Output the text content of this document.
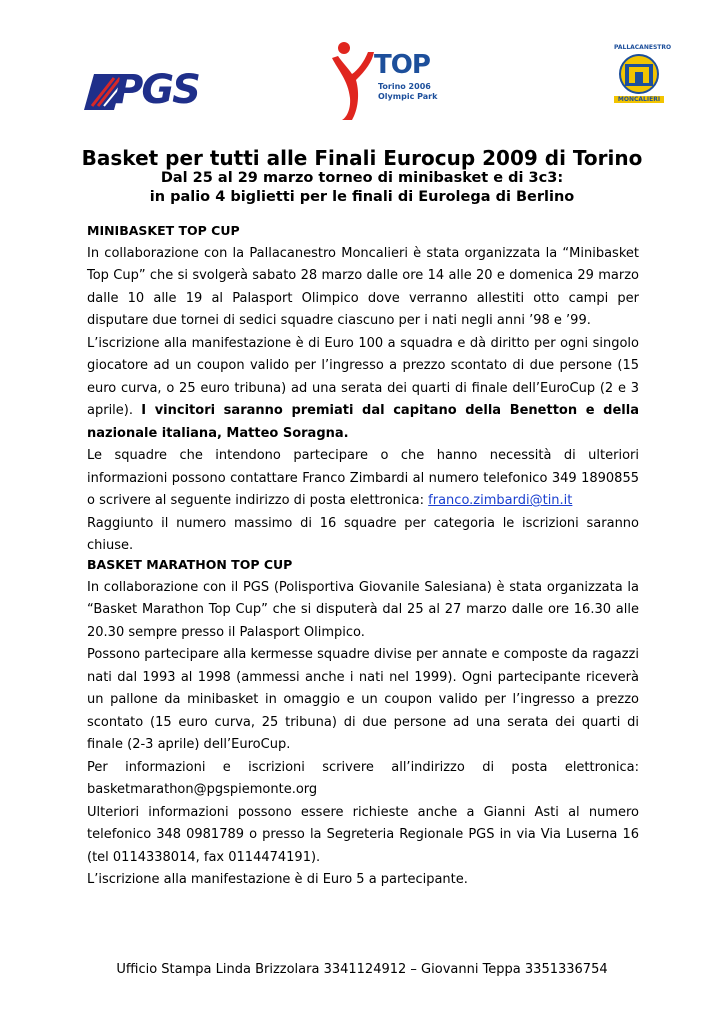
PGS
TOP
Torino 2006 Olympic Park
PALLACANESTRO
MONCALIERI
Basket per tutti alle Finali Eurocup 2009 di Torino
Dal 25 al 29 marzo torneo di minibasket e di 3c3:
in palio 4 biglietti per le finali di Eurolega di Berlino
MINIBASKET TOP CUP

In collaborazione con la Pallacanestro Moncalieri è stata organizzata la “Minibasket Top Cup” che si svolgerà sabato 28 marzo dalle ore 14 alle 20 e domenica 29 marzo dalle 10 alle 19 al Palasport Olimpico dove verranno allestiti otto campi per disputare due tornei di sedici squadre ciascuno per i nati negli anni ’98 e ’99.

L’iscrizione alla manifestazione è di Euro 100 a squadra e dà diritto per ogni singolo giocatore ad un coupon valido per l’ingresso a prezzo scontato di due persone (15 euro curva, o 25 euro tribuna) ad una serata dei quarti di finale dell’EuroCup (2 e 3 aprile). I vincitori saranno premiati dal capitano della Benetton e della nazionale italiana, Matteo Soragna.

Le squadre che intendono partecipare o che hanno necessità di ulteriori informazioni possono contattare Franco Zimbardi al numero telefonico 349 1890855 o scrivere al seguente indirizzo di posta elettronica: franco.zimbardi@tin.it

Raggiunto il numero massimo di 16 squadre per categoria le iscrizioni saranno chiuse.

BASKET MARATHON TOP CUP

In collaborazione con il PGS (Polisportiva Giovanile Salesiana) è stata organizzata la “Basket Marathon Top Cup” che si disputerà dal 25 al 27 marzo dalle ore 16.30 alle 20.30 sempre presso il Palasport Olimpico.

Possono partecipare alla kermesse squadre divise per annate e composte da ragazzi nati dal 1993 al 1998 (ammessi anche i nati nel 1999). Ogni partecipante riceverà un pallone da minibasket in omaggio e un coupon valido per l’ingresso a prezzo scontato (15 euro curva, 25 tribuna) di due persone ad una serata dei quarti di finale (2-3 aprile) dell’EuroCup.

Per informazioni e iscrizioni scrivere all’indirizzo di posta elettronica: basketmarathon@pgspiemonte.org

Ulteriori informazioni possono essere richieste anche a Gianni Asti al numero telefonico 348 0981789 o presso la Segreteria Regionale PGS in via Via Luserna 16 (tel 0114338014, fax 0114474191).

L’iscrizione alla manifestazione è di Euro 5 a partecipante.

Ufficio Stampa Linda Brizzolara 3341124912 – Giovanni Teppa 3351336754
